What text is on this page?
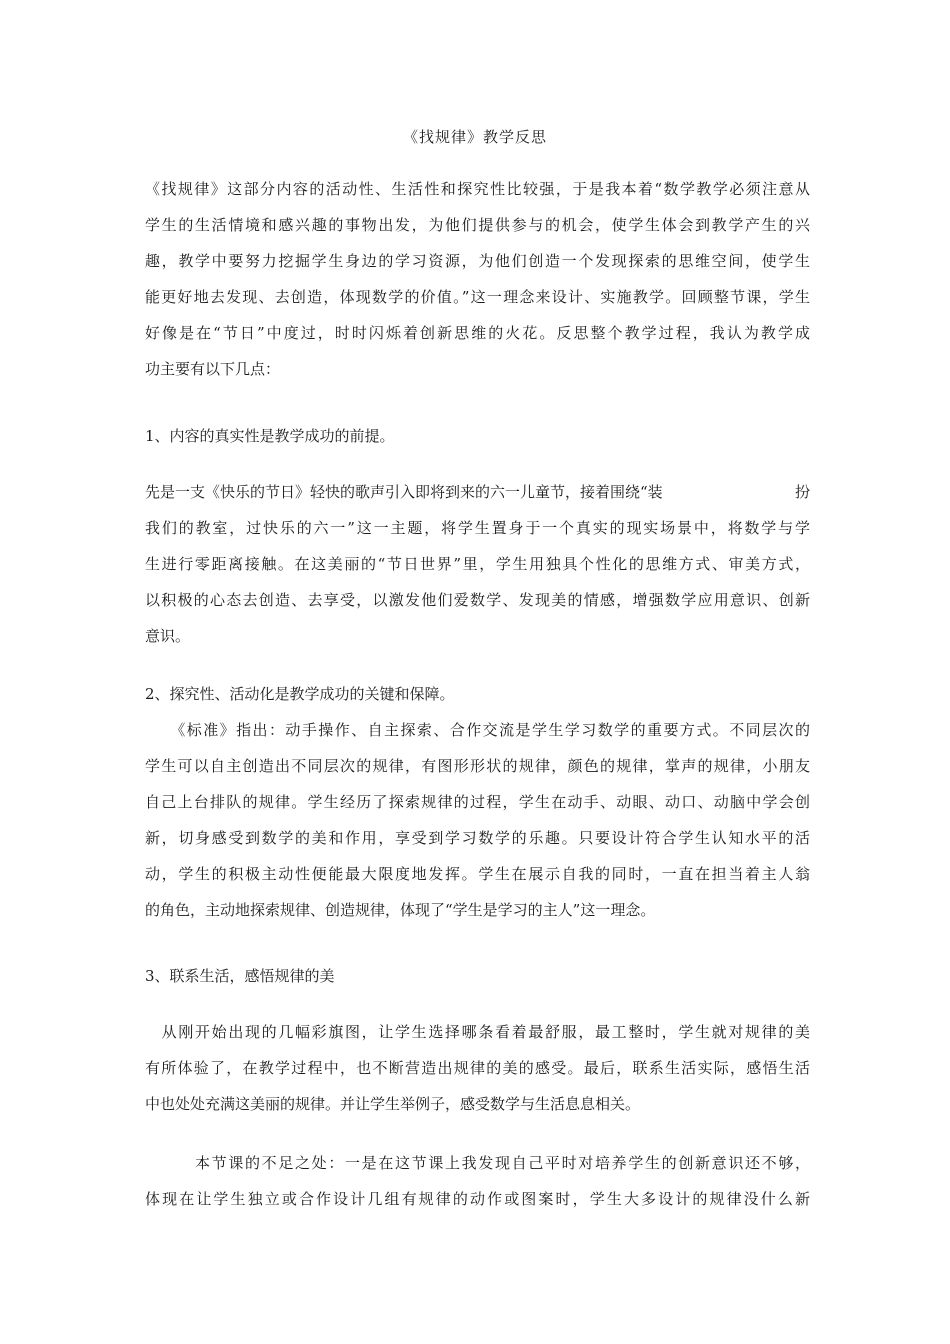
《找规律》教学反思
《找规律》这部分内容的活动性、生活性和探究性比较强，于是我本着“数学教学必须注意从
学生的生活情境和感兴趣的事物出发，为他们提供参与的机会，使学生体会到教学产生的兴
趣，教学中要努力挖掘学生身边的学习资源，为他们创造一个发现探索的思维空间，使学生
能更好地去发现、去创造，体现数学的价值。”这一理念来设计、实施教学。回顾整节课，学生
好像是在“节日”中度过，时时闪烁着创新思维的火花。反思整个教学过程，我认为教学成
功主要有以下几点：
1、内容的真实性是教学成功的前提。
先是一支《快乐的节日》轻快的歌声引入即将到来的六一儿童节，接着围绕“装	扮
我们的教室，过快乐的六一”这一主题，将学生置身于一个真实的现实场景中，将数学与学
生进行零距离接触。在这美丽的“节日世界”里，学生用独具个性化的思维方式、审美方式，
以积极的心态去创造、去享受，以激发他们爱数学、发现美的情感，增强数学应用意识、创新
意识。
2、探究性、活动化是教学成功的关键和保障。
　　《标准》指出：动手操作、自主探索、合作交流是学生学习数学的重要方式。不同层次的
学生可以自主创造出不同层次的规律，有图形形状的规律，颜色的规律，掌声的规律，小朋友
自己上台排队的规律。学生经历了探索规律的过程，学生在动手、动眼、动口、动脑中学会创
新，切身感受到数学的美和作用，享受到学习数学的乐趣。只要设计符合学生认知水平的活
动，学生的积极主动性便能最大限度地发挥。学生在展示自我的同时，一直在担当着主人翁
的角色，主动地探索规律、创造规律，体现了“学生是学习的主人”这一理念。
3、联系生活，感悟规律的美
　从刚开始出现的几幅彩旗图，让学生选择哪条看着最舒服，最工整时，学生就对规律的美
有所体验了，在教学过程中，也不断营造出规律的美的感受。最后，联系生活实际，感悟生活
中也处处充满这美丽的规律。并让学生举例子，感受数学与生活息息相关。
　　　本节课的不足之处：一是在这节课上我发现自己平时对培养学生的创新意识还不够，
体现在让学生独立或合作设计几组有规律的动作或图案时，学生大多设计的规律没什么新
